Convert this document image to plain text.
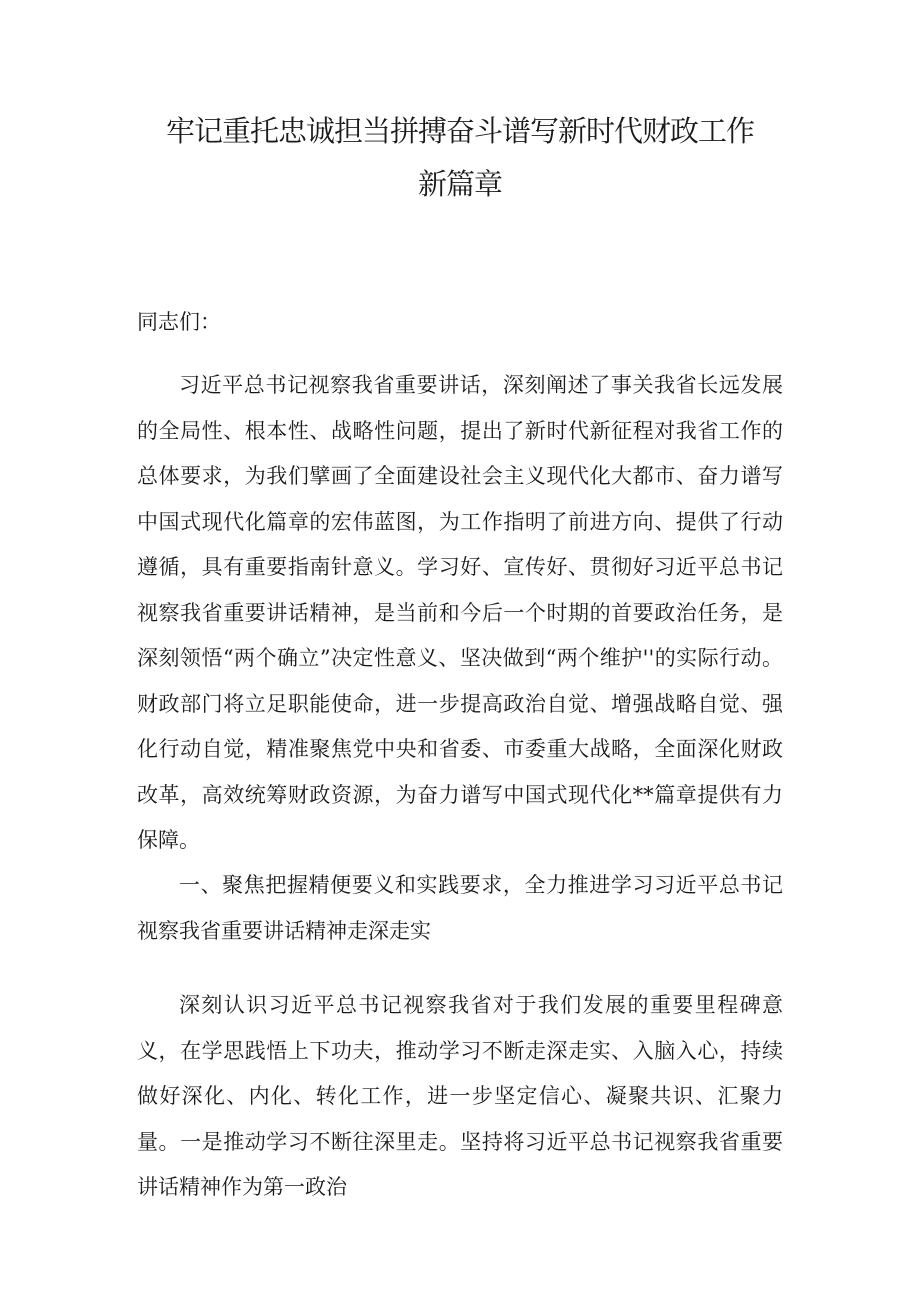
牢记重托忠诚担当拼搏奋斗谱写新时代财政工作
新篇章

同志们：

习近平总书记视察我省重要讲话，深刻阐述了事关我省长远发展的全局性、根本性、战略性问题，提出了新时代新征程对我省工作的总体要求，为我们擘画了全面建设社会主义现代化大都市、奋力谱写中国式现代化篇章的宏伟蓝图，为工作指明了前进方向、提供了行动遵循，具有重要指南针意义。学习好、宣传好、贯彻好习近平总书记视察我省重要讲话精神，是当前和今后一个时期的首要政治任务，是深刻领悟“两个确立”决定性意义、坚决做到“两个维护''的实际行动。财政部门将立足职能使命，进一步提高政治自觉、增强战略自觉、强化行动自觉，精准聚焦党中央和省委、市委重大战略，全面深化财政改革，高效统筹财政资源，为奋力谱写中国式现代化**篇章提供有力保障。

一、聚焦把握精便要义和实践要求，全力推进学习习近平总书记视察我省重要讲话精神走深走实

深刻认识习近平总书记视察我省对于我们发展的重要里程碑意义，在学思践悟上下功夫，推动学习不断走深走实、入脑入心，持续做好深化、内化、转化工作，进一步坚定信心、凝聚共识、汇聚力量。一是推动学习不断往深里走。坚持将习近平总书记视察我省重要讲话精神作为第一政治
